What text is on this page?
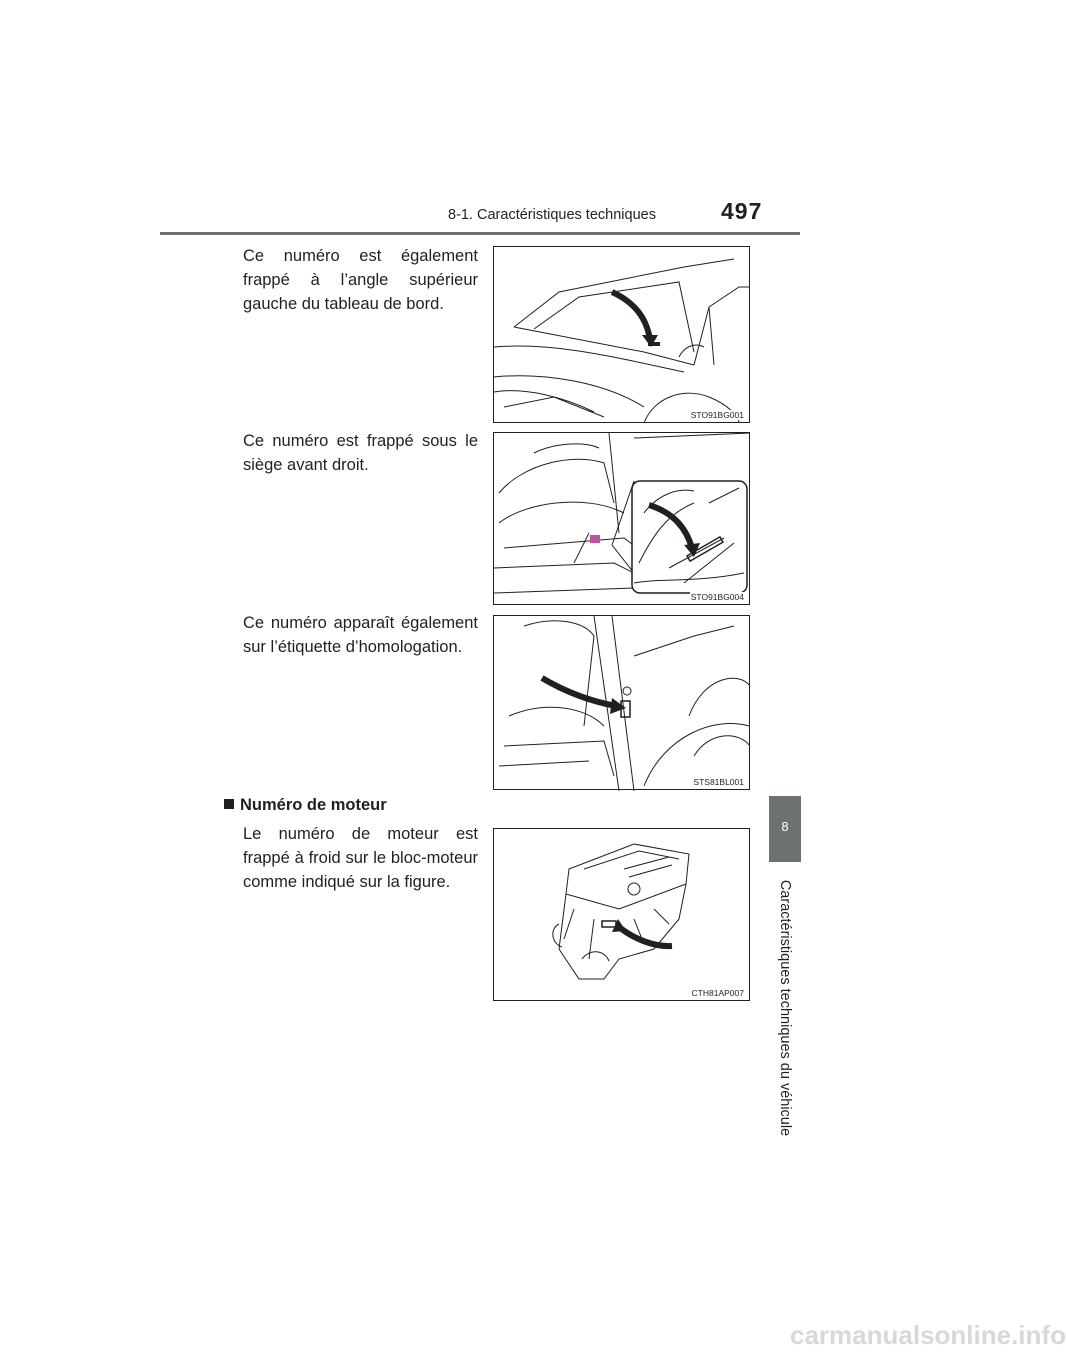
8-1. Caractéristiques techniques	497
8
Caractéristiques techniques du véhicule
Ce numéro est également
frappé à l’angle supérieur
gauche du tableau de bord.
STO91BG001
Ce numéro est frappé sous le
siège avant droit.
STO91BG004
Ce numéro apparaît également
sur l’étiquette d’homologation.
STS81BL001
Numéro de moteur
Le numéro de moteur est
frappé à froid sur le bloc-moteur
comme indiqué sur la figure.
CTH81AP007
carmanualsonline.info
